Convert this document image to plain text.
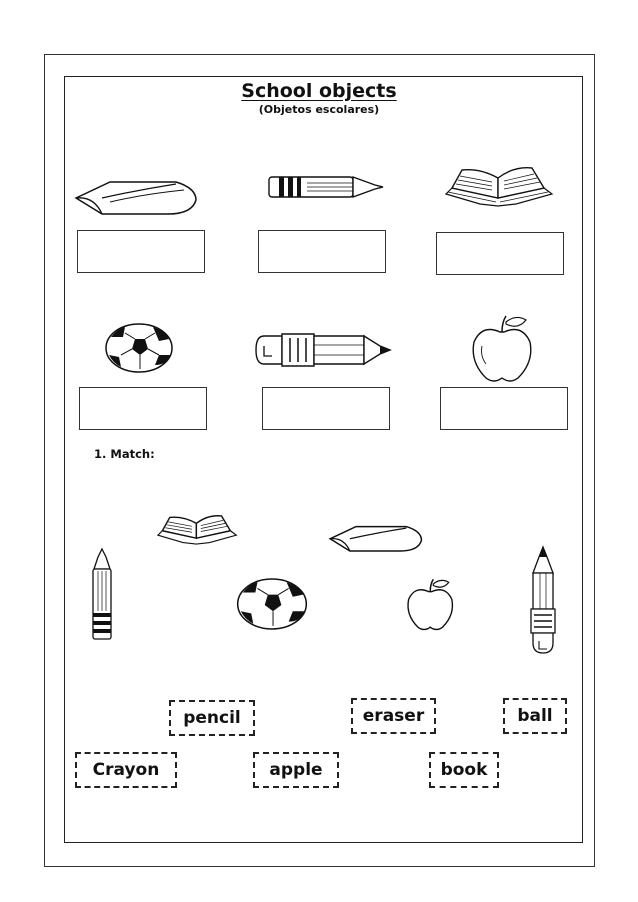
School objects
(Objetos escolares)
1. Match:
pencil	eraser	ball
Crayon	apple	book
